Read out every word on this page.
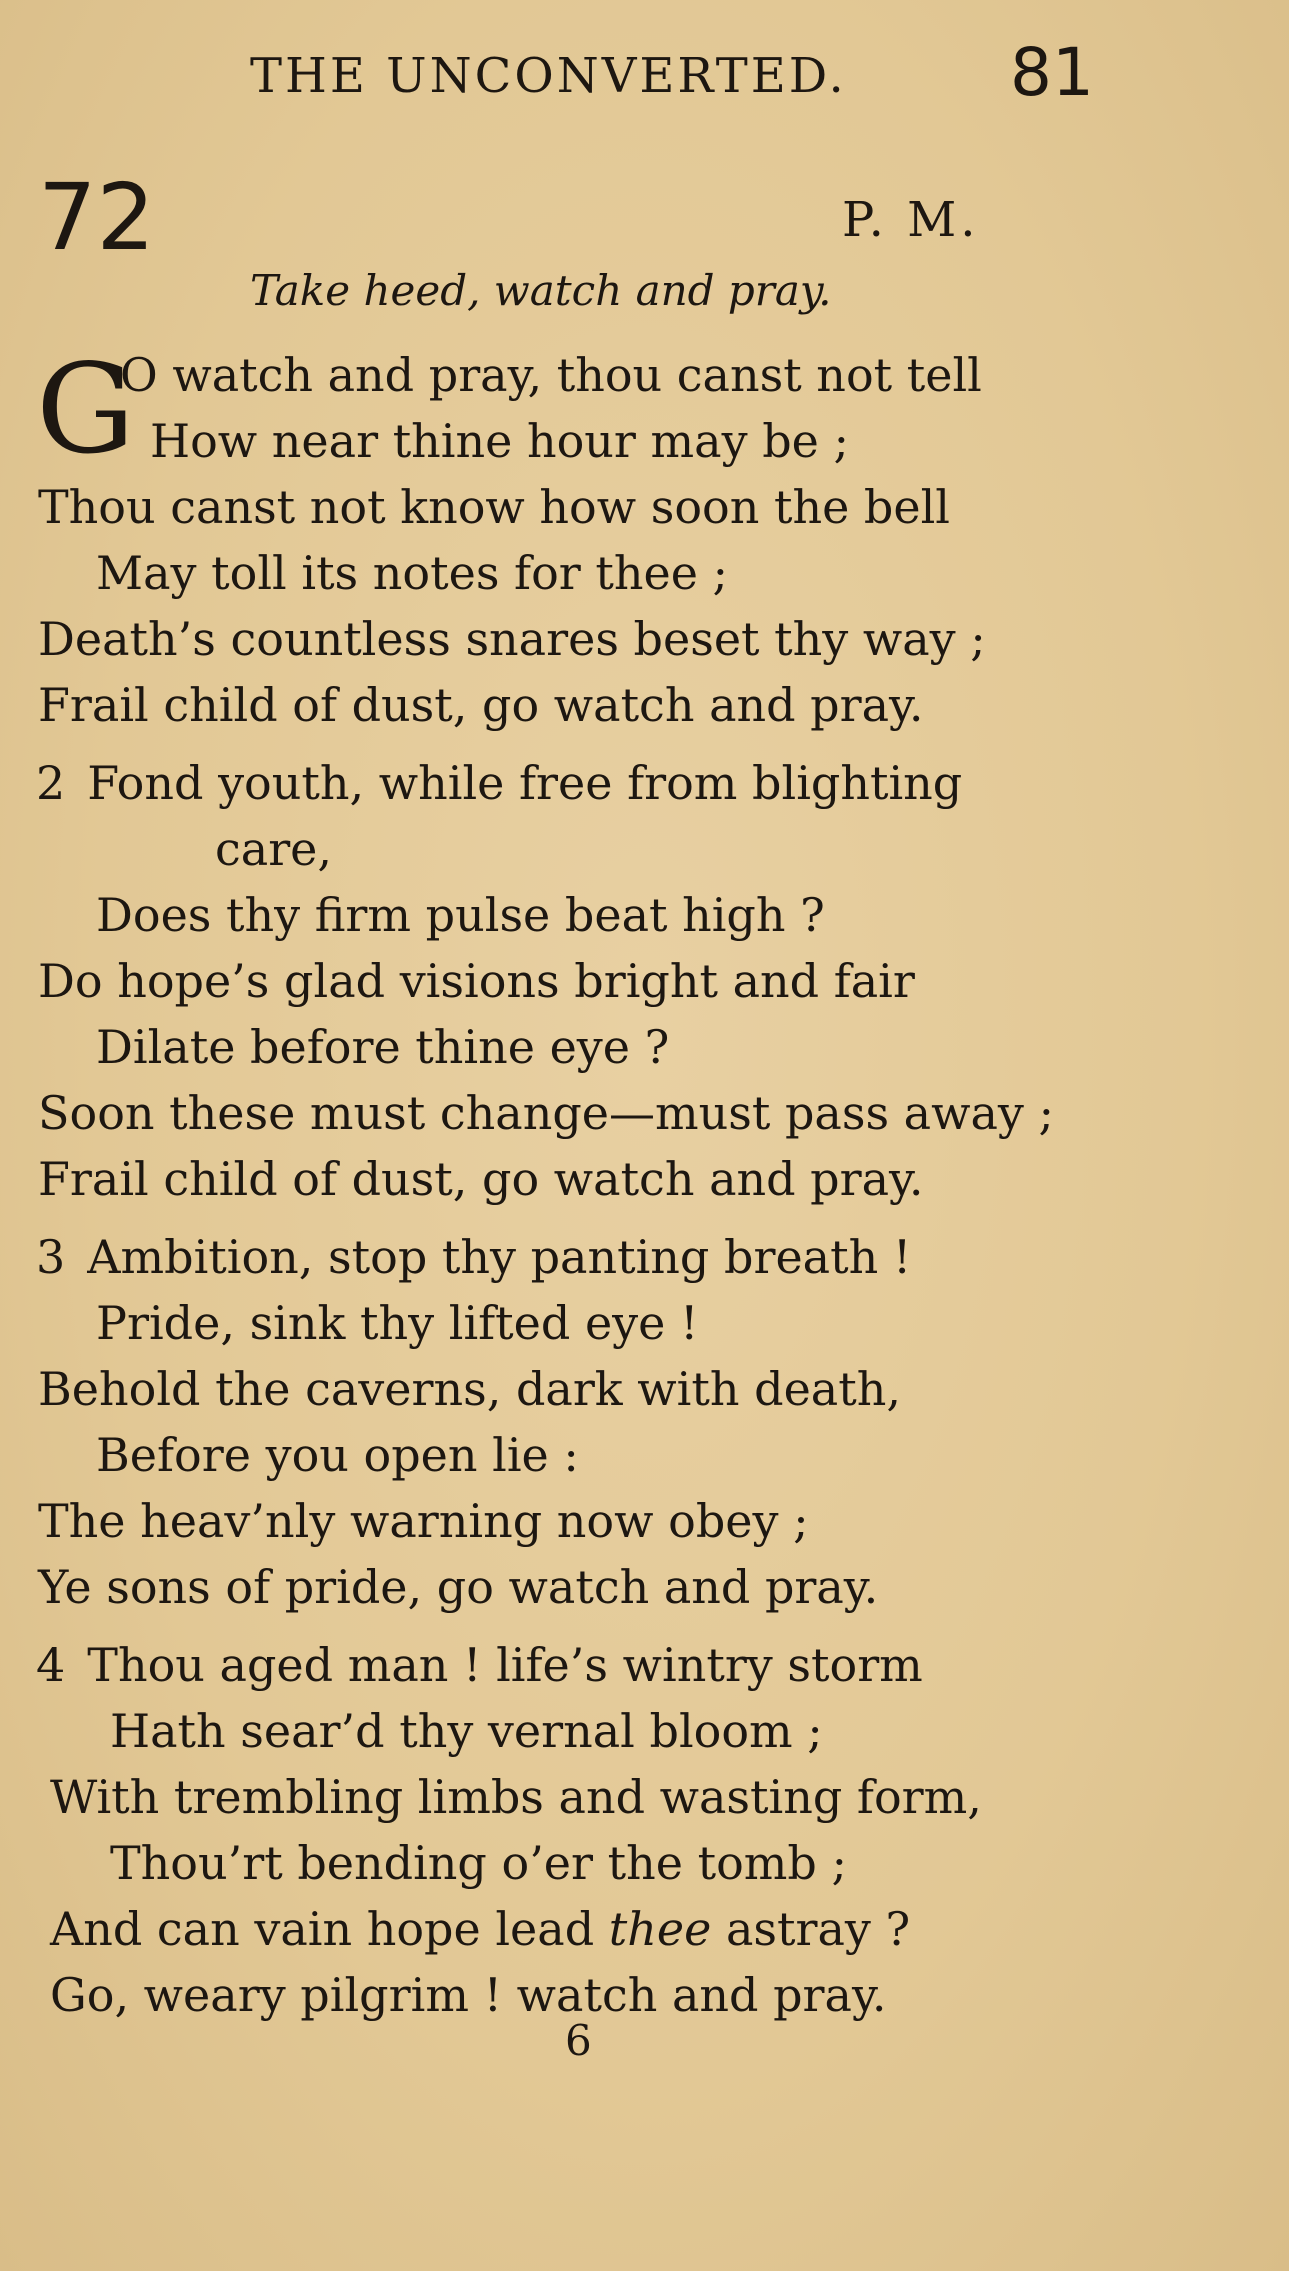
THE UNCONVERTED. 81
72	P. M.
Take heed, watch and pray.
G
O watch and pray, thou canst not tell
How near thine hour may be ;
Thou canst not know how soon the bell
May toll its notes for thee ;
Death’s countless snares beset thy way ;
Frail child of dust, go watch and pray.
2 Fond youth, while free from blighting
care,
Does thy firm pulse beat high ?
Do hope’s glad visions bright and fair
Dilate before thine eye ?
Soon these must change—must pass away ;
Frail child of dust, go watch and pray.
3 Ambition, stop thy panting breath !
Pride, sink thy lifted eye !
Behold the caverns, dark with death,
Before you open lie :
The heav’nly warning now obey ;
Ye sons of pride, go watch and pray.
4 Thou aged man ! life’s wintry storm
Hath sear’d thy vernal bloom ;
With trembling limbs and wasting form,
Thou’rt bending o’er the tomb ;
And can vain hope lead thee astray ?
Go, weary pilgrim ! watch and pray.
6
